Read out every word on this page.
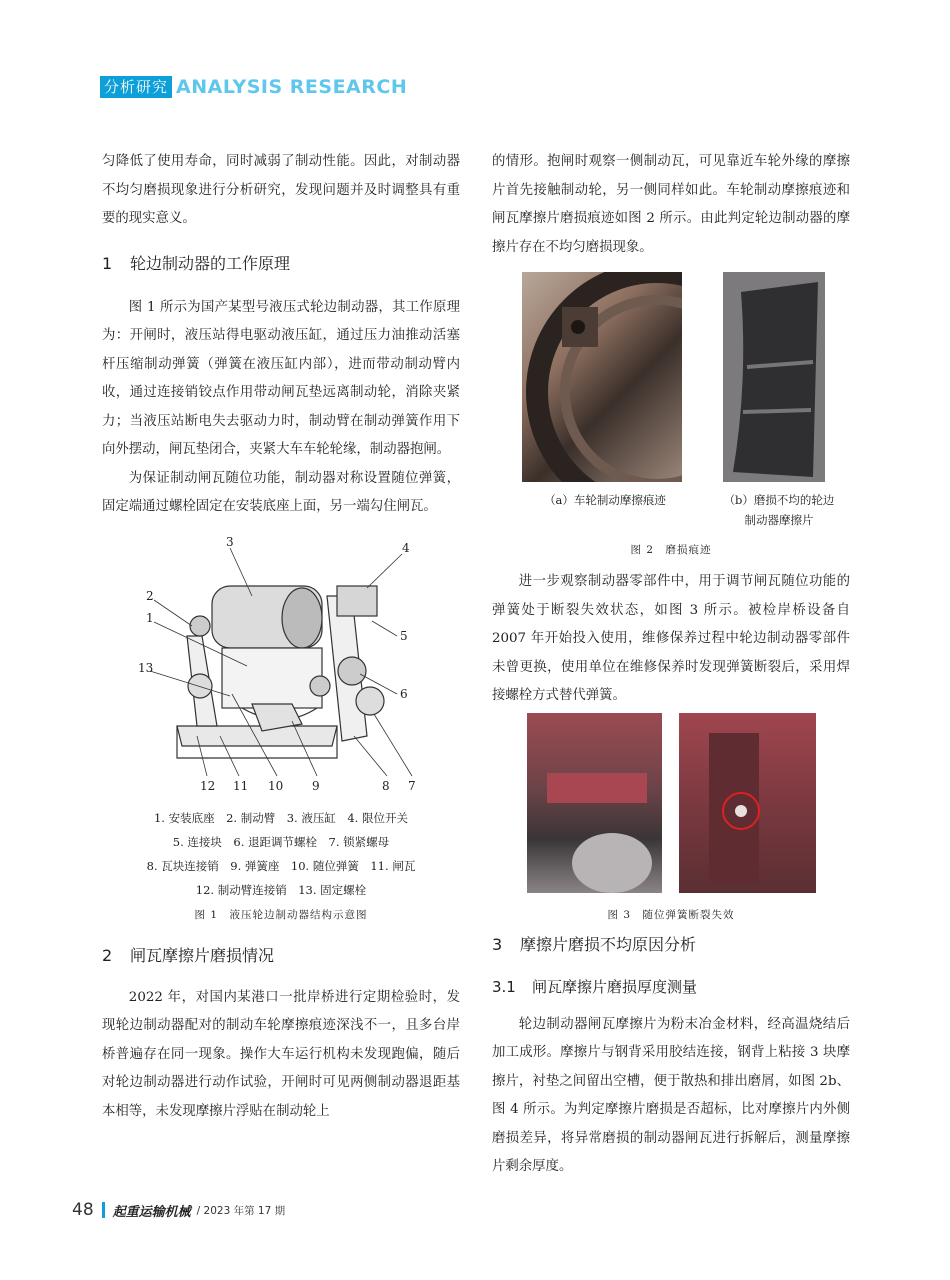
分析研究 ANALYSIS RESEARCH

匀降低了使用寿命，同时减弱了制动性能。因此，对制动器不均匀磨损现象进行分析研究，发现问题并及时调整具有重要的现实意义。

1 轮边制动器的工作原理

图 1 所示为国产某型号液压式轮边制动器，其工作原理为：开闸时，液压站得电驱动液压缸，通过压力油推动活塞杆压缩制动弹簧（弹簧在液压缸内部），进而带动制动臂内收，通过连接销铰点作用带动闸瓦垫远离制动轮，消除夹紧力；当液压站断电失去驱动力时，制动臂在制动弹簧作用下向外摆动，闸瓦垫闭合，夹紧大车车轮轮缘，制动器抱闸。

为保证制动闸瓦随位功能，制动器对称设置随位弹簧，固定端通过螺栓固定在安装底座上面，另一端勾住闸瓦。

3	4
2
1
13
5
6
7
8
9
10
11
12
1. 安装底座　2. 制动臂　3. 液压缸　4. 限位开关
5. 连接块　6. 退距调节螺栓　7. 锁紧螺母
8. 瓦块连接销　9. 弹簧座　10. 随位弹簧　11. 闸瓦
12. 制动臂连接销　13. 固定螺栓
图 1　液压轮边制动器结构示意图
2 闸瓦摩擦片磨损情况

2022 年，对国内某港口一批岸桥进行定期检验时，发现轮边制动器配对的制动车轮摩擦痕迹深浅不一，且多台岸桥普遍存在同一现象。操作大车运行机构未发现跑偏，随后对轮边制动器进行动作试验，开闸时可见两侧制动器退距基本相等，未发现摩擦片浮贴在制动轮上

的情形。抱闸时观察一侧制动瓦，可见靠近车轮外缘的摩擦片首先接触制动轮，另一侧同样如此。车轮制动摩擦痕迹和闸瓦摩擦片磨损痕迹如图 2 所示。由此判定轮边制动器的摩擦片存在不均匀磨损现象。

（a）车轮制动摩擦痕迹	（b）磨损不均的轮边
制动器摩擦片
图 2　磨损痕迹

进一步观察制动器零部件中，用于调节闸瓦随位功能的弹簧处于断裂失效状态，如图 3 所示。被检岸桥设备自 2007 年开始投入使用，维修保养过程中轮边制动器零部件未曾更换，使用单位在维修保养时发现弹簧断裂后，采用焊接螺栓方式替代弹簧。

图 3　随位弹簧断裂失效
3 摩擦片磨损不均原因分析
3.1 闸瓦摩擦片磨损厚度测量

轮边制动器闸瓦摩擦片为粉末冶金材料，经高温烧结后加工成形。摩擦片与钢背采用胶结连接，钢背上粘接 3 块摩擦片，衬垫之间留出空槽，便于散热和排出磨屑，如图 2b、图 4 所示。为判定摩擦片磨损是否超标，比对摩擦片内外侧磨损差异，将异常磨损的制动器闸瓦进行拆解后，测量摩擦片剩余厚度。

48 起重运输机械 / 2023 年第 17 期
